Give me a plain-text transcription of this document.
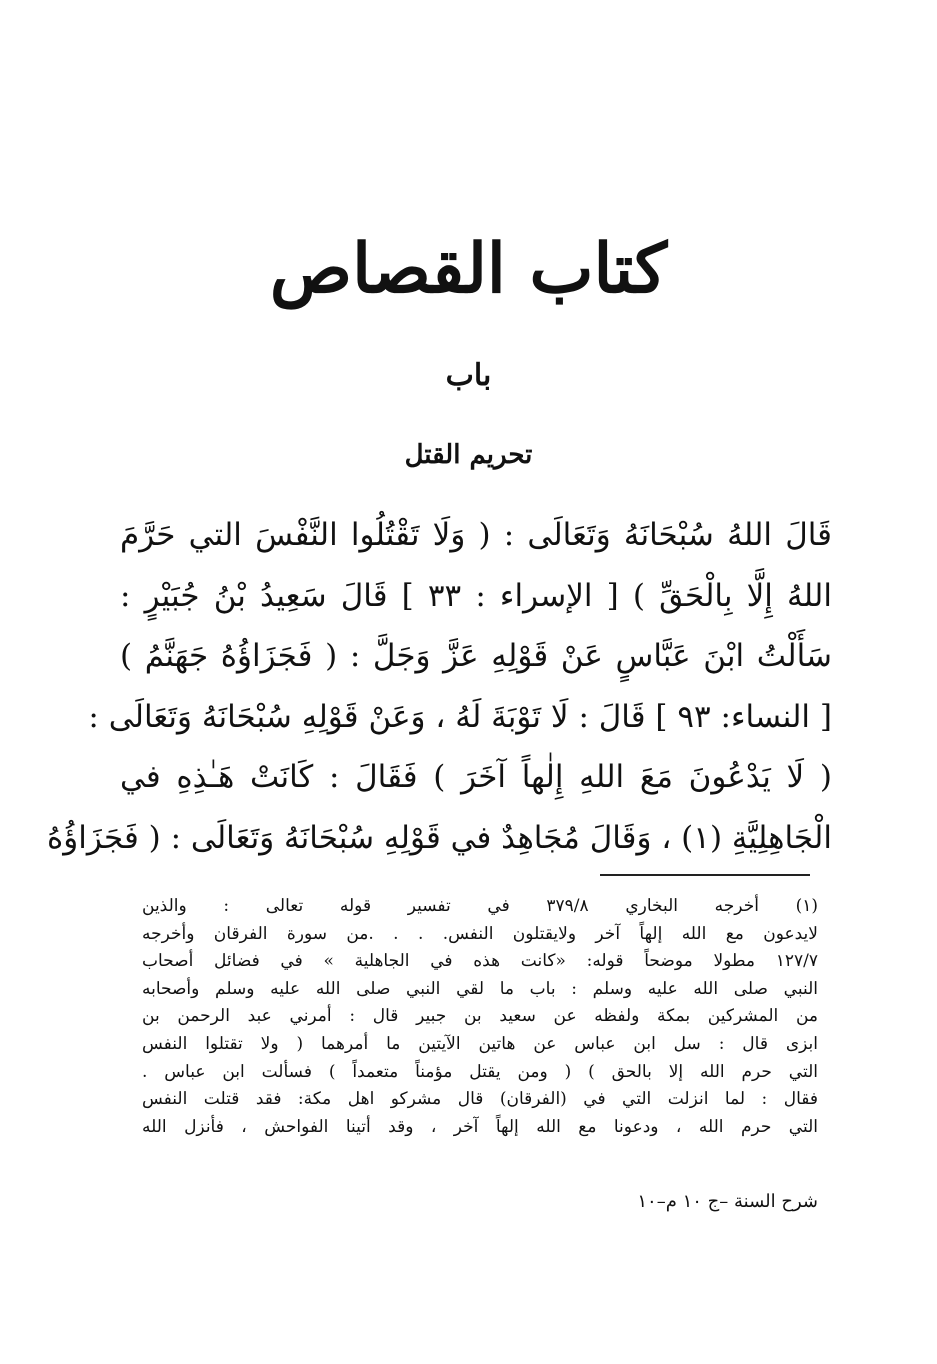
كتاب القصاص
باب
تحريم القتل
قَالَ اللهُ سُبْحَانَهُ وَتَعَالَى : ( وَلَا تَقْتُلُوا النَّفْسَ التي حَرَّمَ
اللهُ إِلَّا بِالْحَقِّ ) [ الإسراء : ٣٣ ] قَالَ سَعِيدُ بْنُ جُبَيْرٍ :
سَأَلْتُ ابْنَ عَبَّاسٍ عَنْ قَوْلِهِ عَزَّ وَجَلَّ : ( فَجَزَاؤُهُ جَهَنَّمُ )
[ النساء: ٩٣ ] قَالَ : لَا تَوْبَةَ لَهُ ، وَعَنْ قَوْلِهِ سُبْحَانَهُ وَتَعَالَى :
( لَا يَدْعُونَ مَعَ اللهِ إِلٰهاً آخَرَ ) فَقَالَ : كَانَتْ هَـٰذِهِ في
الْجَاهِلِيَّةِ (١) ، وَقَالَ مُجَاهِدٌ في قَوْلِهِ سُبْحَانَهُ وَتَعَالَى : ( فَجَزَاؤُهُ
(١) أخرجه البخاري ٣٧٩/٨ في تفسير قوله تعالى : والذين
لايدعون مع الله إلهاً آخر ولايقتلون النفس. . . .من سورة الفرقان وأخرجه
١٢٧/٧ مطولا موضحاً قوله: «كانت هذه في الجاهلية » في فضائل أصحاب
النبي صلى الله عليه وسلم : باب ما لقي النبي صلى الله عليه وسلم وأصحابه
من المشركين بمكة ولفظه عن سعيد بن جبير قال : أمرني عبد الرحمن بن
ابزى قال : سل ابن عباس عن هاتين الآيتين ما أمرهما ( ولا تقتلوا النفس
التي حرم الله إلا بالحق ) ( ومن يقتل مؤمناً متعمداً ) فسألت ابن عباس .
فقال : لما انزلت التي في (الفرقان) قال مشركو اهل مكة: فقد قتلت النفس
التي حرم الله ، ودعونا مع الله إلهاً آخر ، وقد أتينا الفواحش ، فأنزل الله
شرح السنة –ج ١٠ م–١٠
